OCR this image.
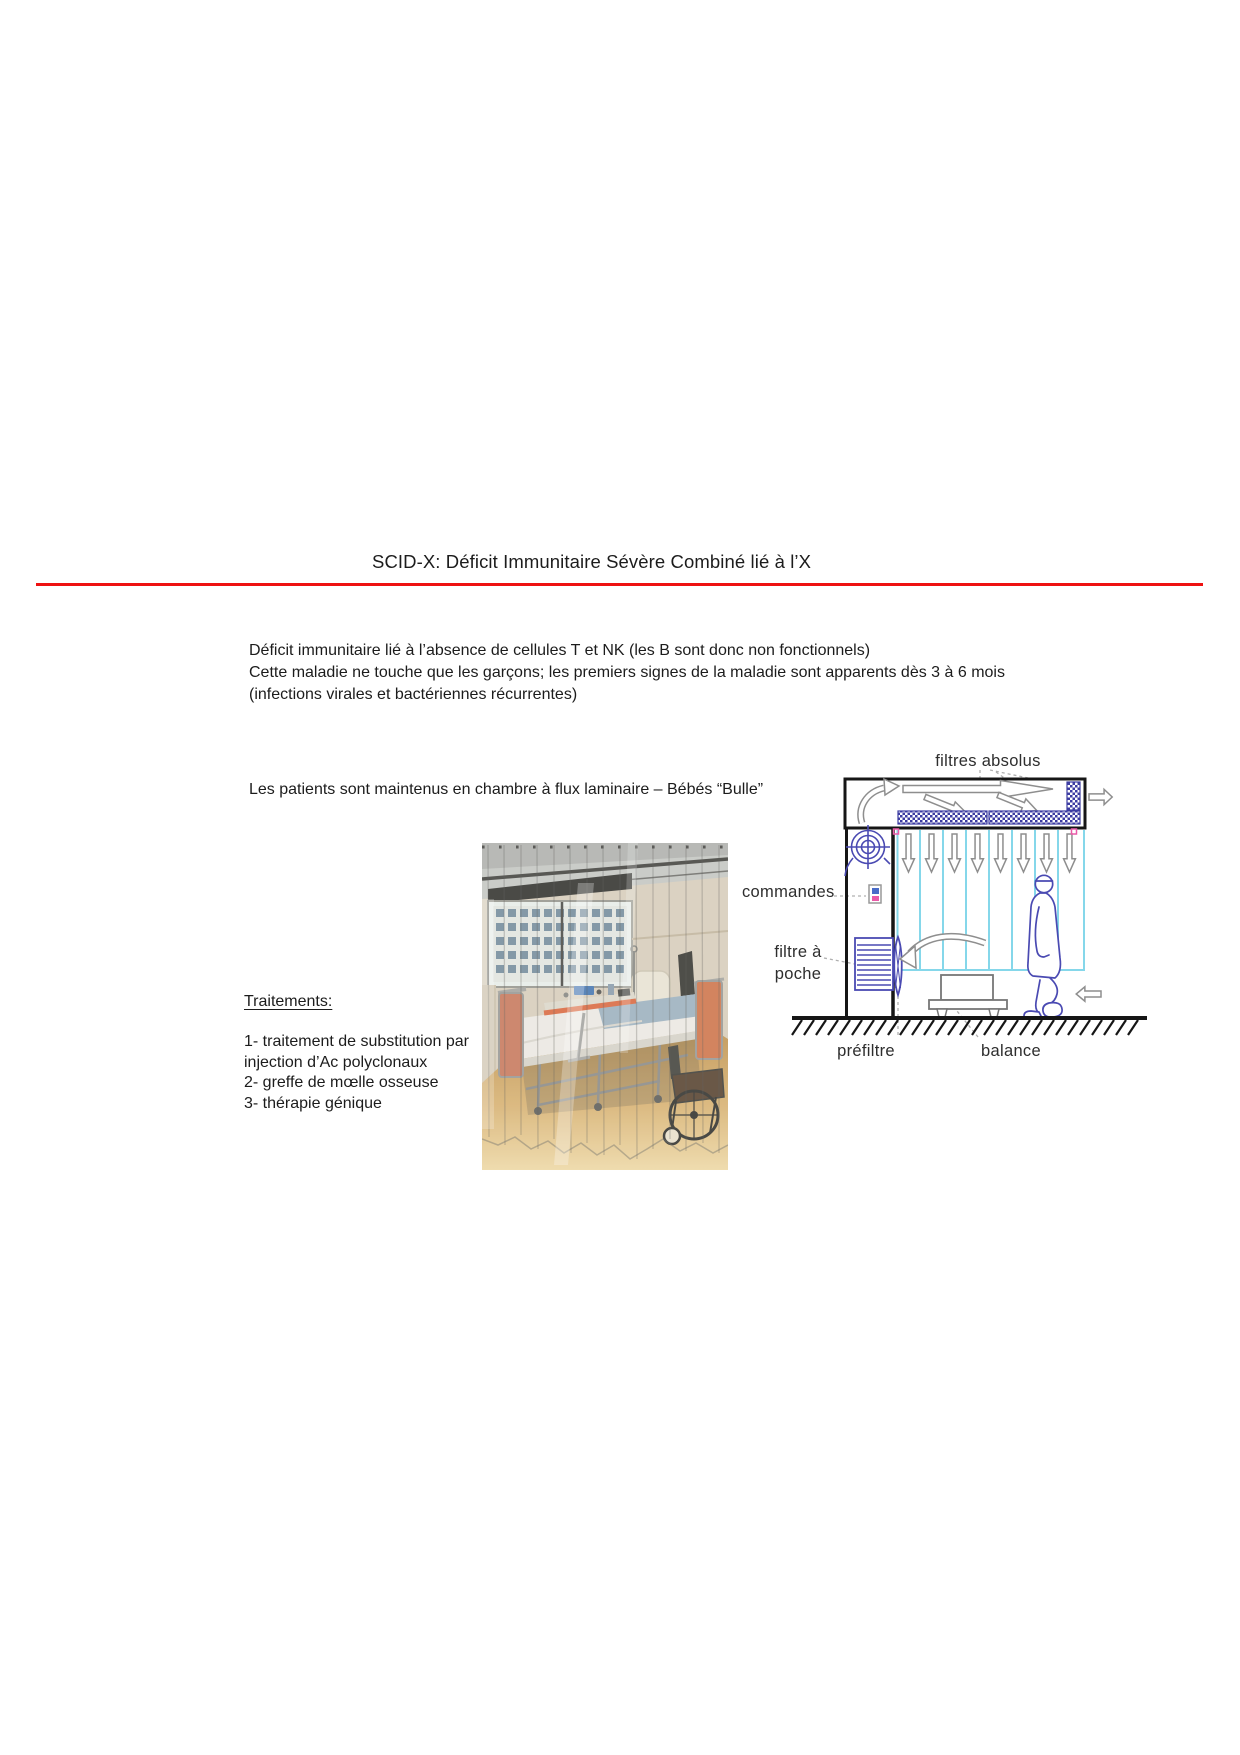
SCID-X: Déficit Immunitaire Sévère Combiné lié à l’X
Déficit immunitaire lié à l’absence de cellules T et NK (les B sont donc non fonctionnels)
Cette maladie ne touche que les garçons; les premiers signes de la maladie sont apparents dès 3 à 6 mois
(infections virales et bactériennes récurrentes)
Les patients sont maintenus en chambre à flux laminaire – Bébés “Bulle”
Traitements:
1- traitement de substitution par
injection d’Ac polyclonaux
2- greffe de mœlle osseuse
3- thérapie génique
filtres absolus
commandes
filtre à
poche
préfiltre	balance
